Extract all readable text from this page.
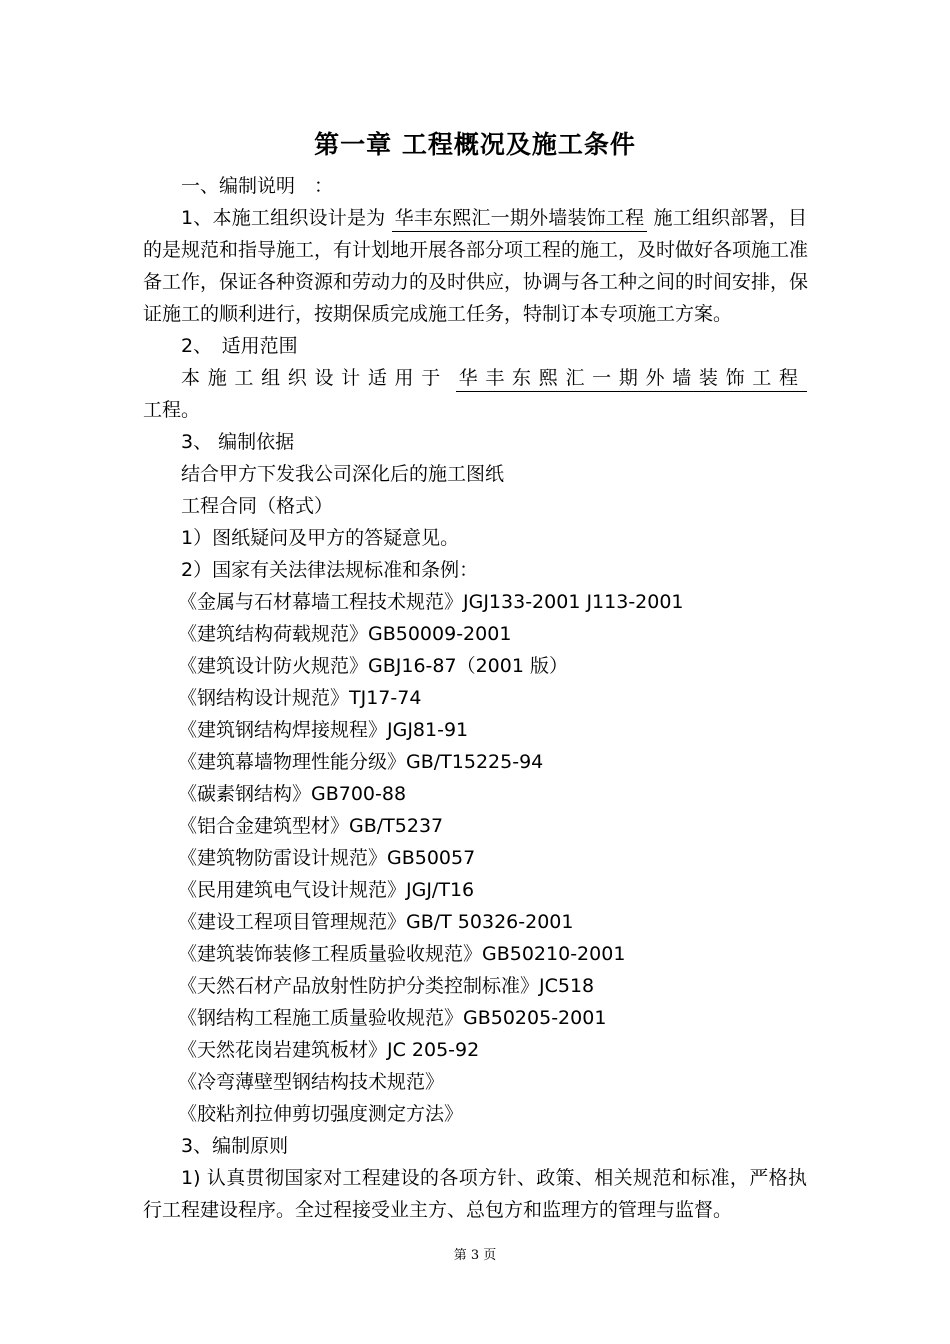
第一章 工程概况及施工条件
一、编制说明　：
1、本施工组织设计是为 华丰东熙汇一期外墙装饰工程 施工组织部署，目
的是规范和指导施工，有计划地开展各部分项工程的施工，及时做好各项施工准
备工作，保证各种资源和劳动力的及时供应，协调与各工种之间的时间安排，保
证施工的顺利进行，按期保质完成施工任务，特制订本专项施工方案。
2、　适用范围
本施工组织设计适用于 华丰东熙汇一期外墙装饰工程
工程。
3、 编制依据
结合甲方下发我公司深化后的施工图纸
工程合同（格式）
1）图纸疑问及甲方的答疑意见。
2）国家有关法律法规标准和条例：
《金属与石材幕墙工程技术规范》JGJ133-2001 J113-2001
《建筑结构荷载规范》GB50009-2001
《建筑设计防火规范》GBJ16-87（2001 版）
《钢结构设计规范》TJ17-74
《建筑钢结构焊接规程》JGJ81-91
《建筑幕墙物理性能分级》GB/T15225-94
《碳素钢结构》GB700-88
《铝合金建筑型材》GB/T5237
《建筑物防雷设计规范》GB50057
《民用建筑电气设计规范》JGJ/T16
《建设工程项目管理规范》GB/T 50326-2001
《建筑装饰装修工程质量验收规范》GB50210-2001
《天然石材产品放射性防护分类控制标准》JC518
《钢结构工程施工质量验收规范》GB50205-2001
《天然花岗岩建筑板材》JC 205-92
《冷弯薄壁型钢结构技术规范》
《胶粘剂拉伸剪切强度测定方法》
3、编制原则
1) 认真贯彻国家对工程建设的各项方针、政策、相关规范和标准，严格执
行工程建设程序。全过程接受业主方、总包方和监理方的管理与监督。
第 3 页
